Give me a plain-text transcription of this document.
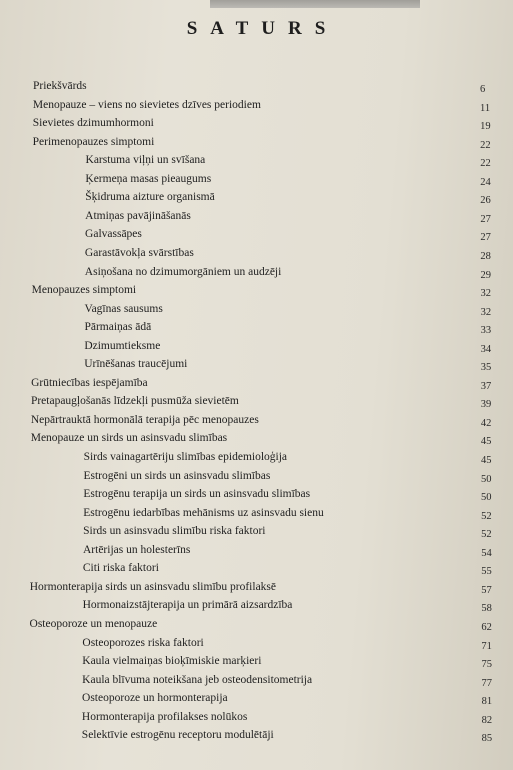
SATURS
Priekšvārds	6
Menopauze – viens no sievietes dzīves periodiem	11
Sievietes dzimumhormoni	19
Perimenopauzes simptomi	22
Karstuma viļņi un svīšana	22
Ķermeņa masas pieaugums	24
Šķidruma aizture organismā	26
Atmiņas pavājināšanās	27
Galvassāpes	27
Garastāvokļa svārstības	28
Asiņošana no dzimumorgāniem un audzēji	29
Menopauzes simptomi	32
Vagīnas sausums	32
Pārmaiņas ādā	33
Dzimumtieksme	34
Urīnēšanas traucējumi	35
Grūtniecības iespējamība	37
Pretapaugļošanās līdzekļi pusmūža sievietēm	39
Nepārtrauktā hormonālā terapija pēc menopauzes	42
Menopauze un sirds un asinsvadu slimības	45
Sirds vainagartēriju slimības epidemioloģija	45
Estrogēni un sirds un asinsvadu slimības	50
Estrogēnu terapija un sirds un asinsvadu slimības	50
Estrogēnu iedarbības mehānisms uz asinsvadu sienu	52
Sirds un asinsvadu slimību riska faktori	52
Artērijas un holesterīns	54
Citi riska faktori	55
Hormonterapija sirds un asinsvadu slimību profilaksē	57
Hormonaizstājterapija un primārā aizsardzība	58
Osteoporoze un menopauze	62
Osteoporozes riska faktori	71
Kaula vielmaiņas bioķīmiskie marķieri	75
Kaula blīvuma noteikšana jeb osteodensitometrija	77
Osteoporoze un hormonterapija	81
Hormonterapija profilakses nolūkos	82
Selektīvie estrogēnu receptoru modulētāji	85
